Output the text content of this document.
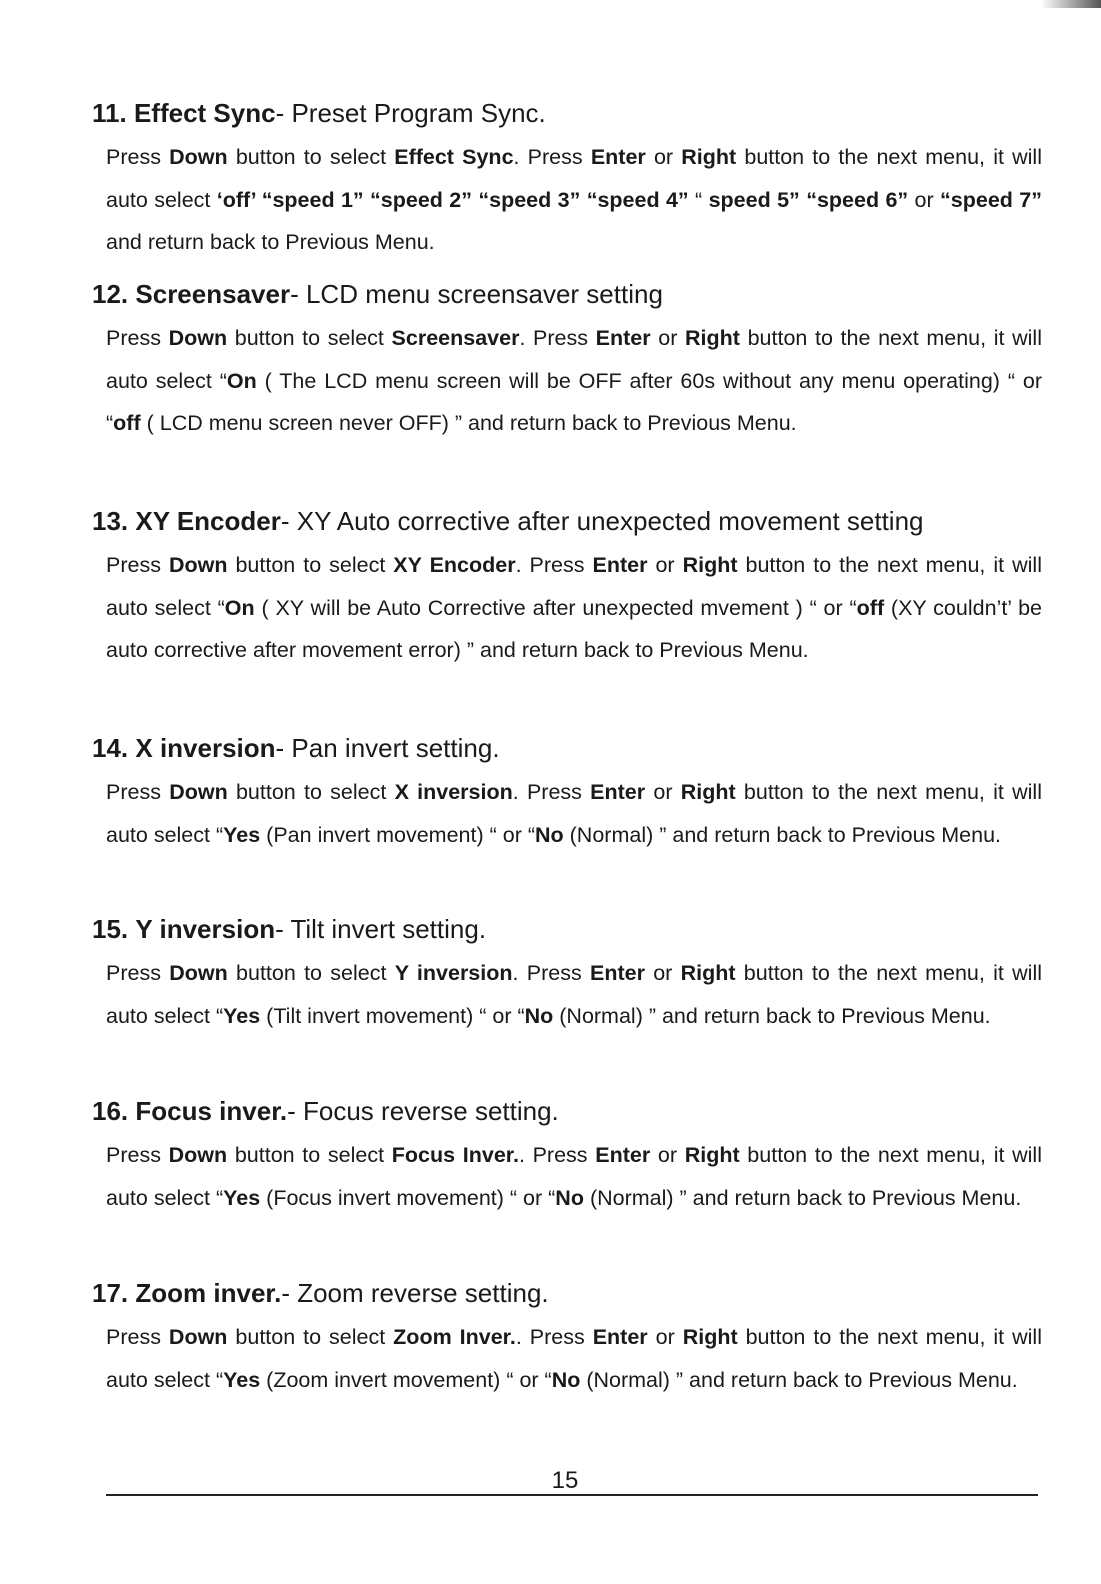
11. Effect Sync- Preset Program Sync.

Press Down button to select Effect Sync. Press Enter or Right button to the next menu, it will auto select ‘off’ “speed 1” “speed 2” “speed 3” “speed 4” “ speed 5” “speed 6” or “speed 7” and return back to Previous Menu.

12. Screensaver- LCD menu screensaver setting

Press Down button to select Screensaver. Press Enter or Right button to the next menu, it will auto select “On ( The LCD menu screen will be OFF after 60s without any menu operating) “ or “off ( LCD menu screen never OFF) ” and return back to Previous Menu.

13. XY Encoder- XY Auto corrective after unexpected movement setting

Press Down button to select XY Encoder. Press Enter or Right button to the next menu, it will auto select “On ( XY will be Auto Corrective after unexpected mvement ) “ or “off (XY couldn’t’ be auto corrective after movement error) ” and return back to Previous Menu.

14. X inversion- Pan invert setting.

Press Down button to select X inversion. Press Enter or Right button to the next menu, it will auto select “Yes (Pan invert movement) “ or “No (Normal) ” and return back to Previous Menu.

15. Y inversion- Tilt invert setting.

Press Down button to select Y inversion. Press Enter or Right button to the next menu, it will auto select “Yes (Tilt invert movement) “ or “No (Normal) ” and return back to Previous Menu.

16. Focus inver.- Focus reverse setting.

Press Down button to select Focus Inver.. Press Enter or Right button to the next menu, it will auto select “Yes (Focus invert movement) “ or “No (Normal) ” and return back to Previous Menu.

17. Zoom inver.- Zoom reverse setting.

Press Down button to select Zoom Inver.. Press Enter or Right button to the next menu, it will auto select “Yes (Zoom invert movement) “ or “No (Normal) ” and return back to Previous Menu.

15
